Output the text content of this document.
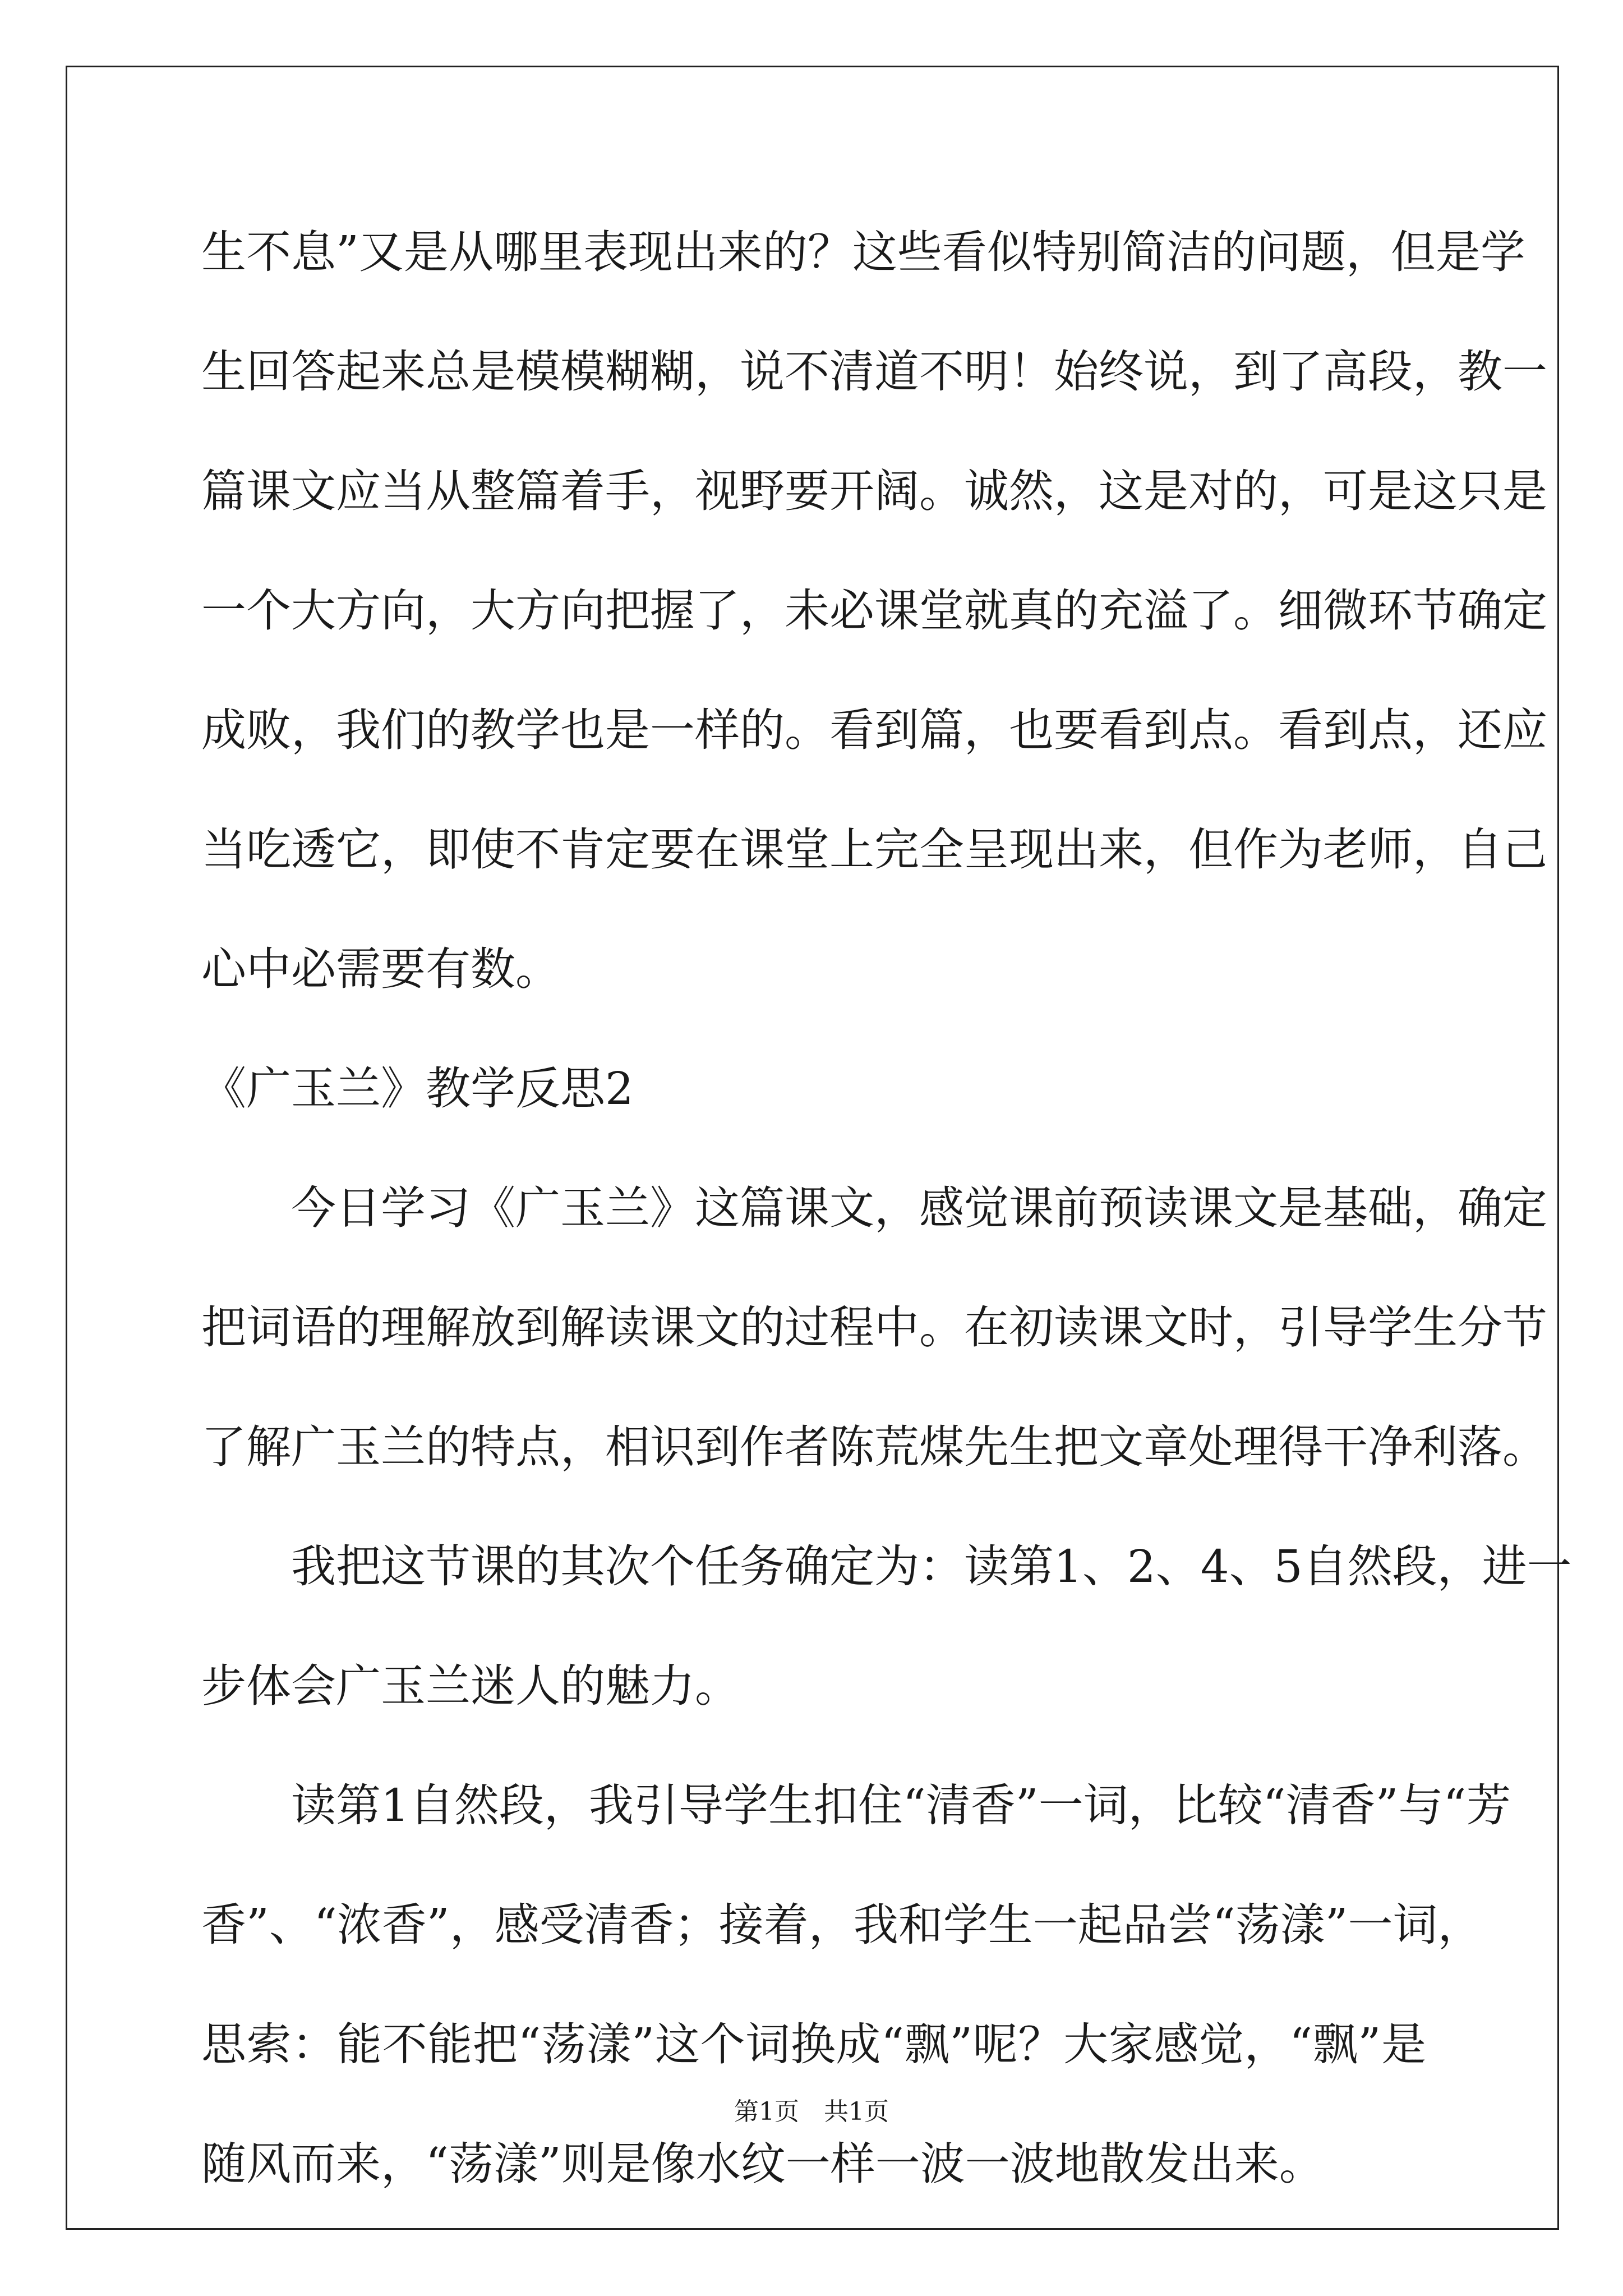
生不息”又是从哪里表现出来的？这些看似特别简洁的问题，但是学
生回答起来总是模模糊糊，说不清道不明！始终说，到了高段，教一
篇课文应当从整篇着手，视野要开阔。诚然，这是对的，可是这只是
一个大方向，大方向把握了，未必课堂就真的充溢了。细微环节确定
成败，我们的教学也是一样的。看到篇，也要看到点。看到点，还应
当吃透它，即使不肯定要在课堂上完全呈现出来，但作为老师，自己
心中必需要有数。
《广玉兰》教学反思2
今日学习《广玉兰》这篇课文，感觉课前预读课文是基础，确定
把词语的理解放到解读课文的过程中。在初读课文时，引导学生分节
了解广玉兰的特点，相识到作者陈荒煤先生把文章处理得干净利落。
我把这节课的其次个任务确定为：读第1、2、4、5自然段，进一
步体会广玉兰迷人的魅力。
读第1自然段，我引导学生扣住“清香”一词，比较“清香”与“芳
香”、“浓香”，感受清香；接着，我和学生一起品尝“荡漾”一词，
思索：能不能把“荡漾”这个词换成“飘”呢？大家感觉，“飘”是
随风而来，“荡漾”则是像水纹一样一波一波地散发出来。
第1页 共1页
